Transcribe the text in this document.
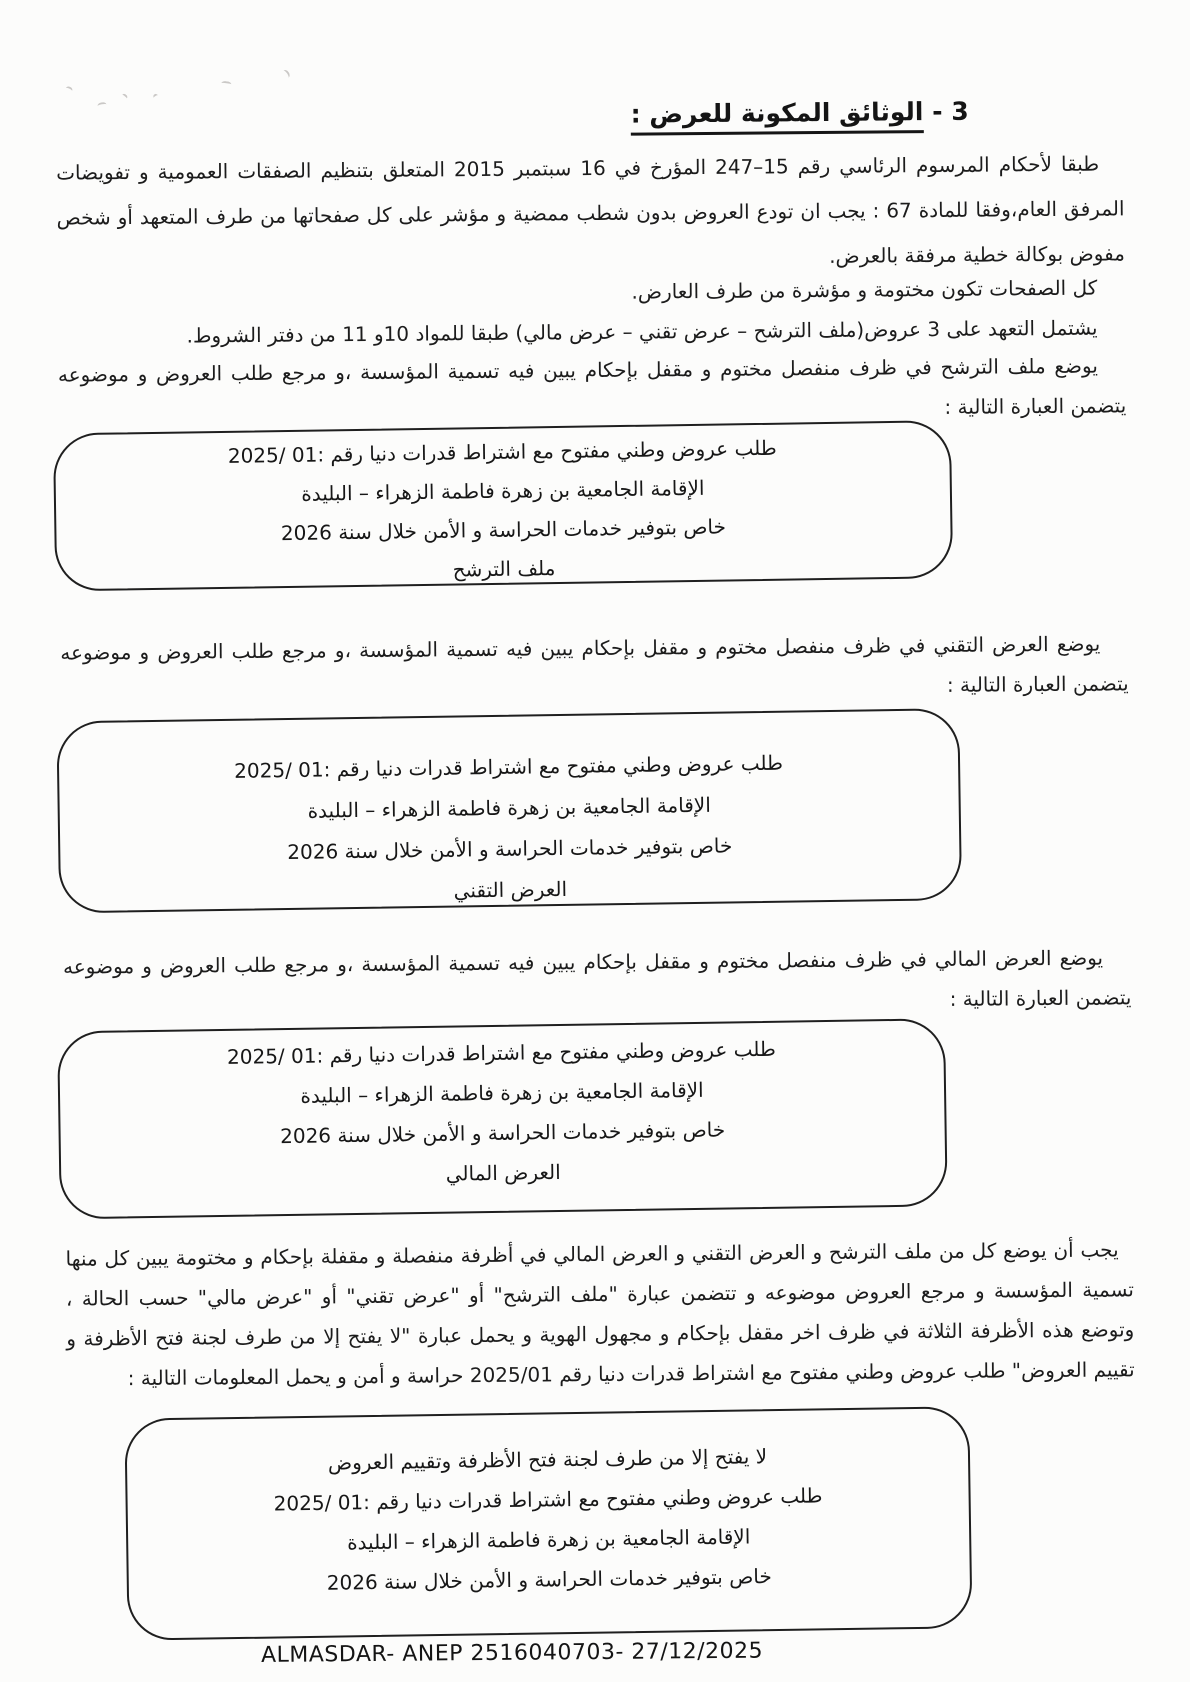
3 - الوثائق المكونة للعرض :

طبقا لأحكام المرسوم الرئاسي رقم 15–247 المؤرخ في 16 سبتمبر 2015 المتعلق بتنظيم الصفقات العمومية و تفويضات المرفق العام،وفقا للمادة 67 : يجب ان تودع العروض بدون شطب ممضية و مؤشر على كل صفحاتها من طرف المتعهد أو شخص مفوض بوكالة خطية مرفقة بالعرض.

كل الصفحات تكون مختومة و مؤشرة من طرف العارض.

يشتمل التعهد على 3 عروض(ملف الترشح – عرض تقني – عرض مالي) طبقا للمواد 10و 11 من دفتر الشروط.

يوضع ملف الترشح في ظرف منفصل مختوم و مقفل بإحكام يبين فيه تسمية المؤسسة ،و مرجع طلب العروض و موضوعه يتضمن العبارة التالية :

طلب عروض وطني مفتوح مع اشتراط قدرات دنيا رقم :01 /2025
الإقامة الجامعية بن زهرة فاطمة الزهراء – البليدة
خاص بتوفير خدمات الحراسة و الأمن خلال سنة 2026
ملف الترشح

يوضع العرض التقني في ظرف منفصل مختوم و مقفل بإحكام يبين فيه تسمية المؤسسة ،و مرجع طلب العروض و موضوعه يتضمن العبارة التالية :

طلب عروض وطني مفتوح مع اشتراط قدرات دنيا رقم :01 /2025
الإقامة الجامعية بن زهرة فاطمة الزهراء – البليدة
خاص بتوفير خدمات الحراسة و الأمن خلال سنة 2026
العرض التقني

يوضع العرض المالي في ظرف منفصل مختوم و مقفل بإحكام يبين فيه تسمية المؤسسة ،و مرجع طلب العروض و موضوعه يتضمن العبارة التالية :

طلب عروض وطني مفتوح مع اشتراط قدرات دنيا رقم :01 /2025
الإقامة الجامعية بن زهرة فاطمة الزهراء – البليدة
خاص بتوفير خدمات الحراسة و الأمن خلال سنة 2026
العرض المالي

يجب أن يوضع كل من ملف الترشح و العرض التقني و العرض المالي في أظرفة منفصلة و مقفلة بإحكام و مختومة يبين كل منها تسمية المؤسسة و مرجع العروض موضوعه و تتضمن عبارة "ملف الترشح" أو "عرض تقني" أو "عرض مالي" حسب الحالة ، وتوضع هذه الأظرفة الثلاثة في ظرف اخر مقفل بإحكام و مجهول الهوية و يحمل عبارة "لا يفتح إلا من طرف لجنة فتح الأظرفة و تقييم العروض" طلب عروض وطني مفتوح مع اشتراط قدرات دنيا رقم 2025/01 حراسة و أمن و يحمل المعلومات التالية :

لا يفتح إلا من طرف لجنة فتح الأظرفة وتقييم العروض
طلب عروض وطني مفتوح مع اشتراط قدرات دنيا رقم :01 /2025
الإقامة الجامعية بن زهرة فاطمة الزهراء – البليدة
خاص بتوفير خدمات الحراسة و الأمن خلال سنة 2026
ALMASDAR- ANEP 2516040703- 27/12/2025
